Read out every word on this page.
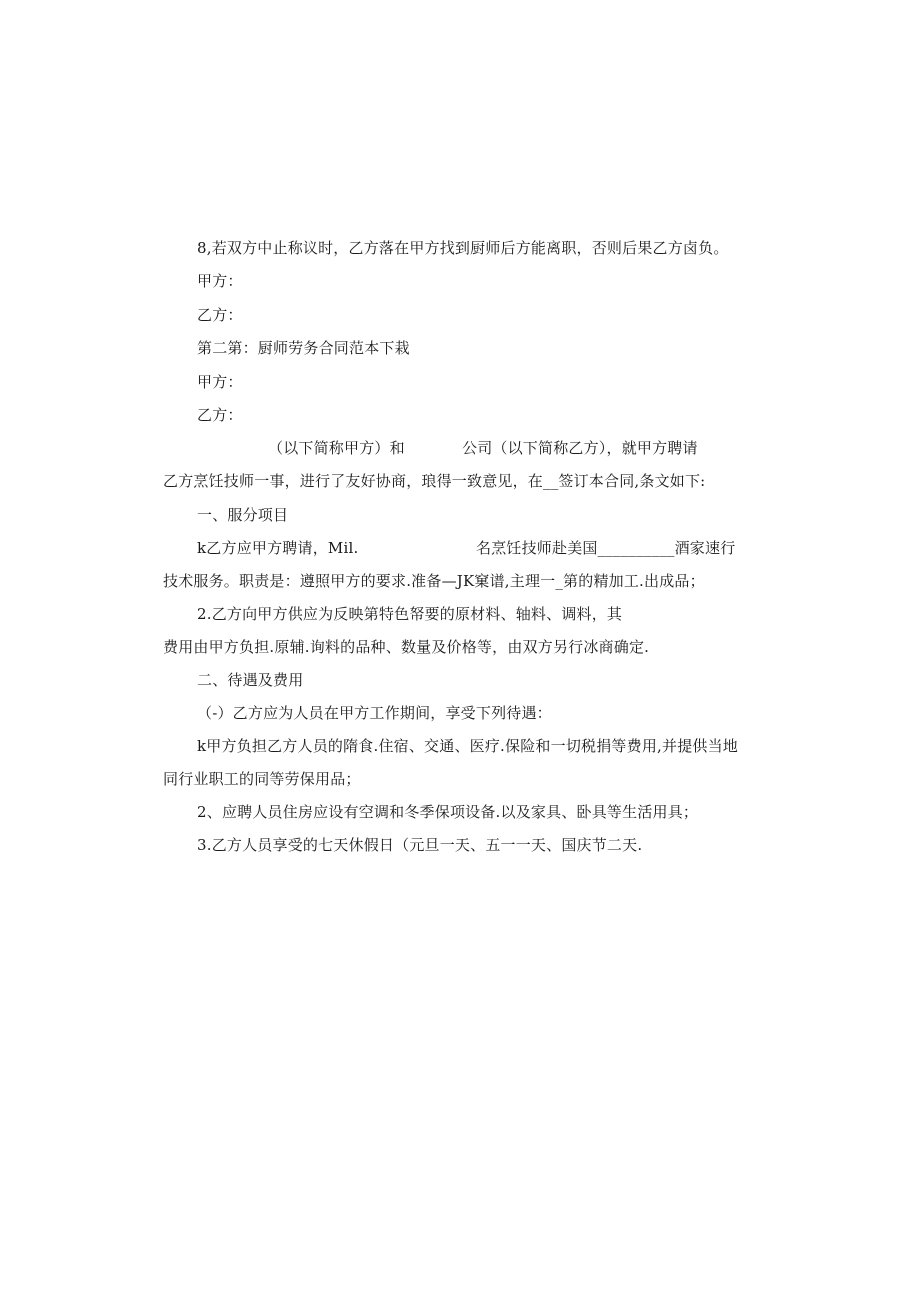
8,若双方中止称议时，乙方落在甲方找到厨师后方能离职，否则后果乙方卤负。
甲方：
乙方：
第二第：厨师劳务合同范本下栽
甲方：
乙方：
（以下简称甲方）和	公司（以下简称乙方），就甲方聘请
乙方烹饪技师一事，进行了友好协商，琅得一致意见，在__签订本合同,条文如下:
一、服分项目
k乙方应甲方聘请，Mil.	名烹饪技师赴美国__________酒家速行
技术服务。职责是：遵照甲方的要求.准备—JK窠谱,主理一_第的精加工.出成品；
2.乙方向甲方供应为反映第特色帑要的原材料、轴料、调料，其
费用由甲方负担.原辅.询料的品种、数量及价格等，由双方另行冰商确定.
二、待遇及费用
（-）乙方应为人员在甲方工作期间，享受下列待遇：
k甲方负担乙方人员的隋食.住宿、交通、医疗.保险和一切税捐等费用,并提供当地
同行业职工的同等劳保用品；
2、应聘人员住房应设有空调和冬季保项设备.以及家具、卧具等生活用具；
3.乙方人员享受的七天休假日（元旦一天、五一一天、国庆节二天.
